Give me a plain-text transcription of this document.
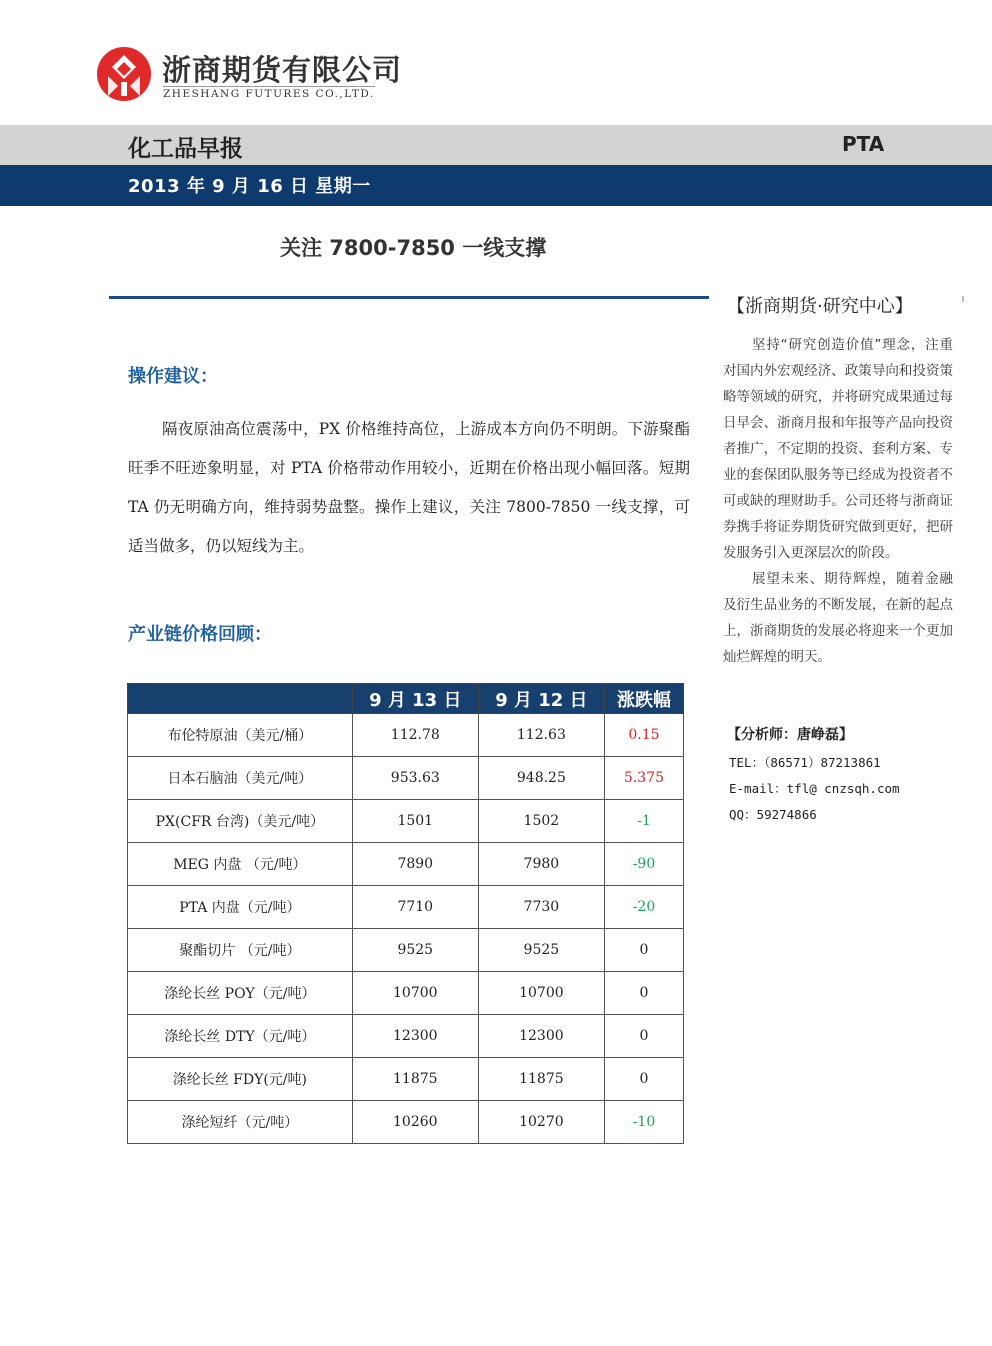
浙商期货有限公司
ZHESHANG FUTURES CO.,LTD.
化工品早报	PTA
2013 年 9 月 16 日 星期一
关注 7800-7850 一线支撑
操作建议：
隔夜原油高位震荡中，PX 价格维持高位，上游成本方向仍不明朗。下游聚酯旺季不旺迹象明显，对 PTA 价格带动作用较小，近期在价格出现小幅回落。短期 TA 仍无明确方向，维持弱势盘整。操作上建议，关注 7800-7850 一线支撑，可适当做多，仍以短线为主。
产业链价格回顾：
	9 月 13 日	9 月 12 日	涨跌幅
布伦特原油（美元/桶）	112.78	112.63	0.15
日本石脑油（美元/吨）	953.63	948.25	5.375
PX(CFR 台湾)（美元/吨）	1501	1502	-1
MEG 内盘 （元/吨）	7890	7980	-90
PTA 内盘（元/吨）	7710	7730	-20
聚酯切片 （元/吨）	9525	9525	0
涤纶长丝 POY（元/吨）	10700	10700	0
涤纶长丝 DTY（元/吨）	12300	12300	0
涤纶长丝 FDY(元/吨)	11875	11875	0
涤纶短纤（元/吨）	10260	10270	-10
【浙商期货·研究中心】

坚持“研究创造价值”理念，注重对国内外宏观经济、政策导向和投资策略等领域的研究，并将研究成果通过每日早会、浙商月报和年报等产品向投资者推广，不定期的投资、套利方案、专业的套保团队服务等已经成为投资者不可或缺的理财助手。公司还将与浙商证券携手将证券期货研究做到更好，把研发服务引入更深层次的阶段。

展望未来、期待辉煌，随着金融及衍生品业务的不断发展，在新的起点上，浙商期货的发展必将迎来一个更加灿烂辉煌的明天。

【分析师：唐峥磊】
TEL：（86571）87213861
E-mail：tfl@ cnzsqh.com
QQ：59274866
